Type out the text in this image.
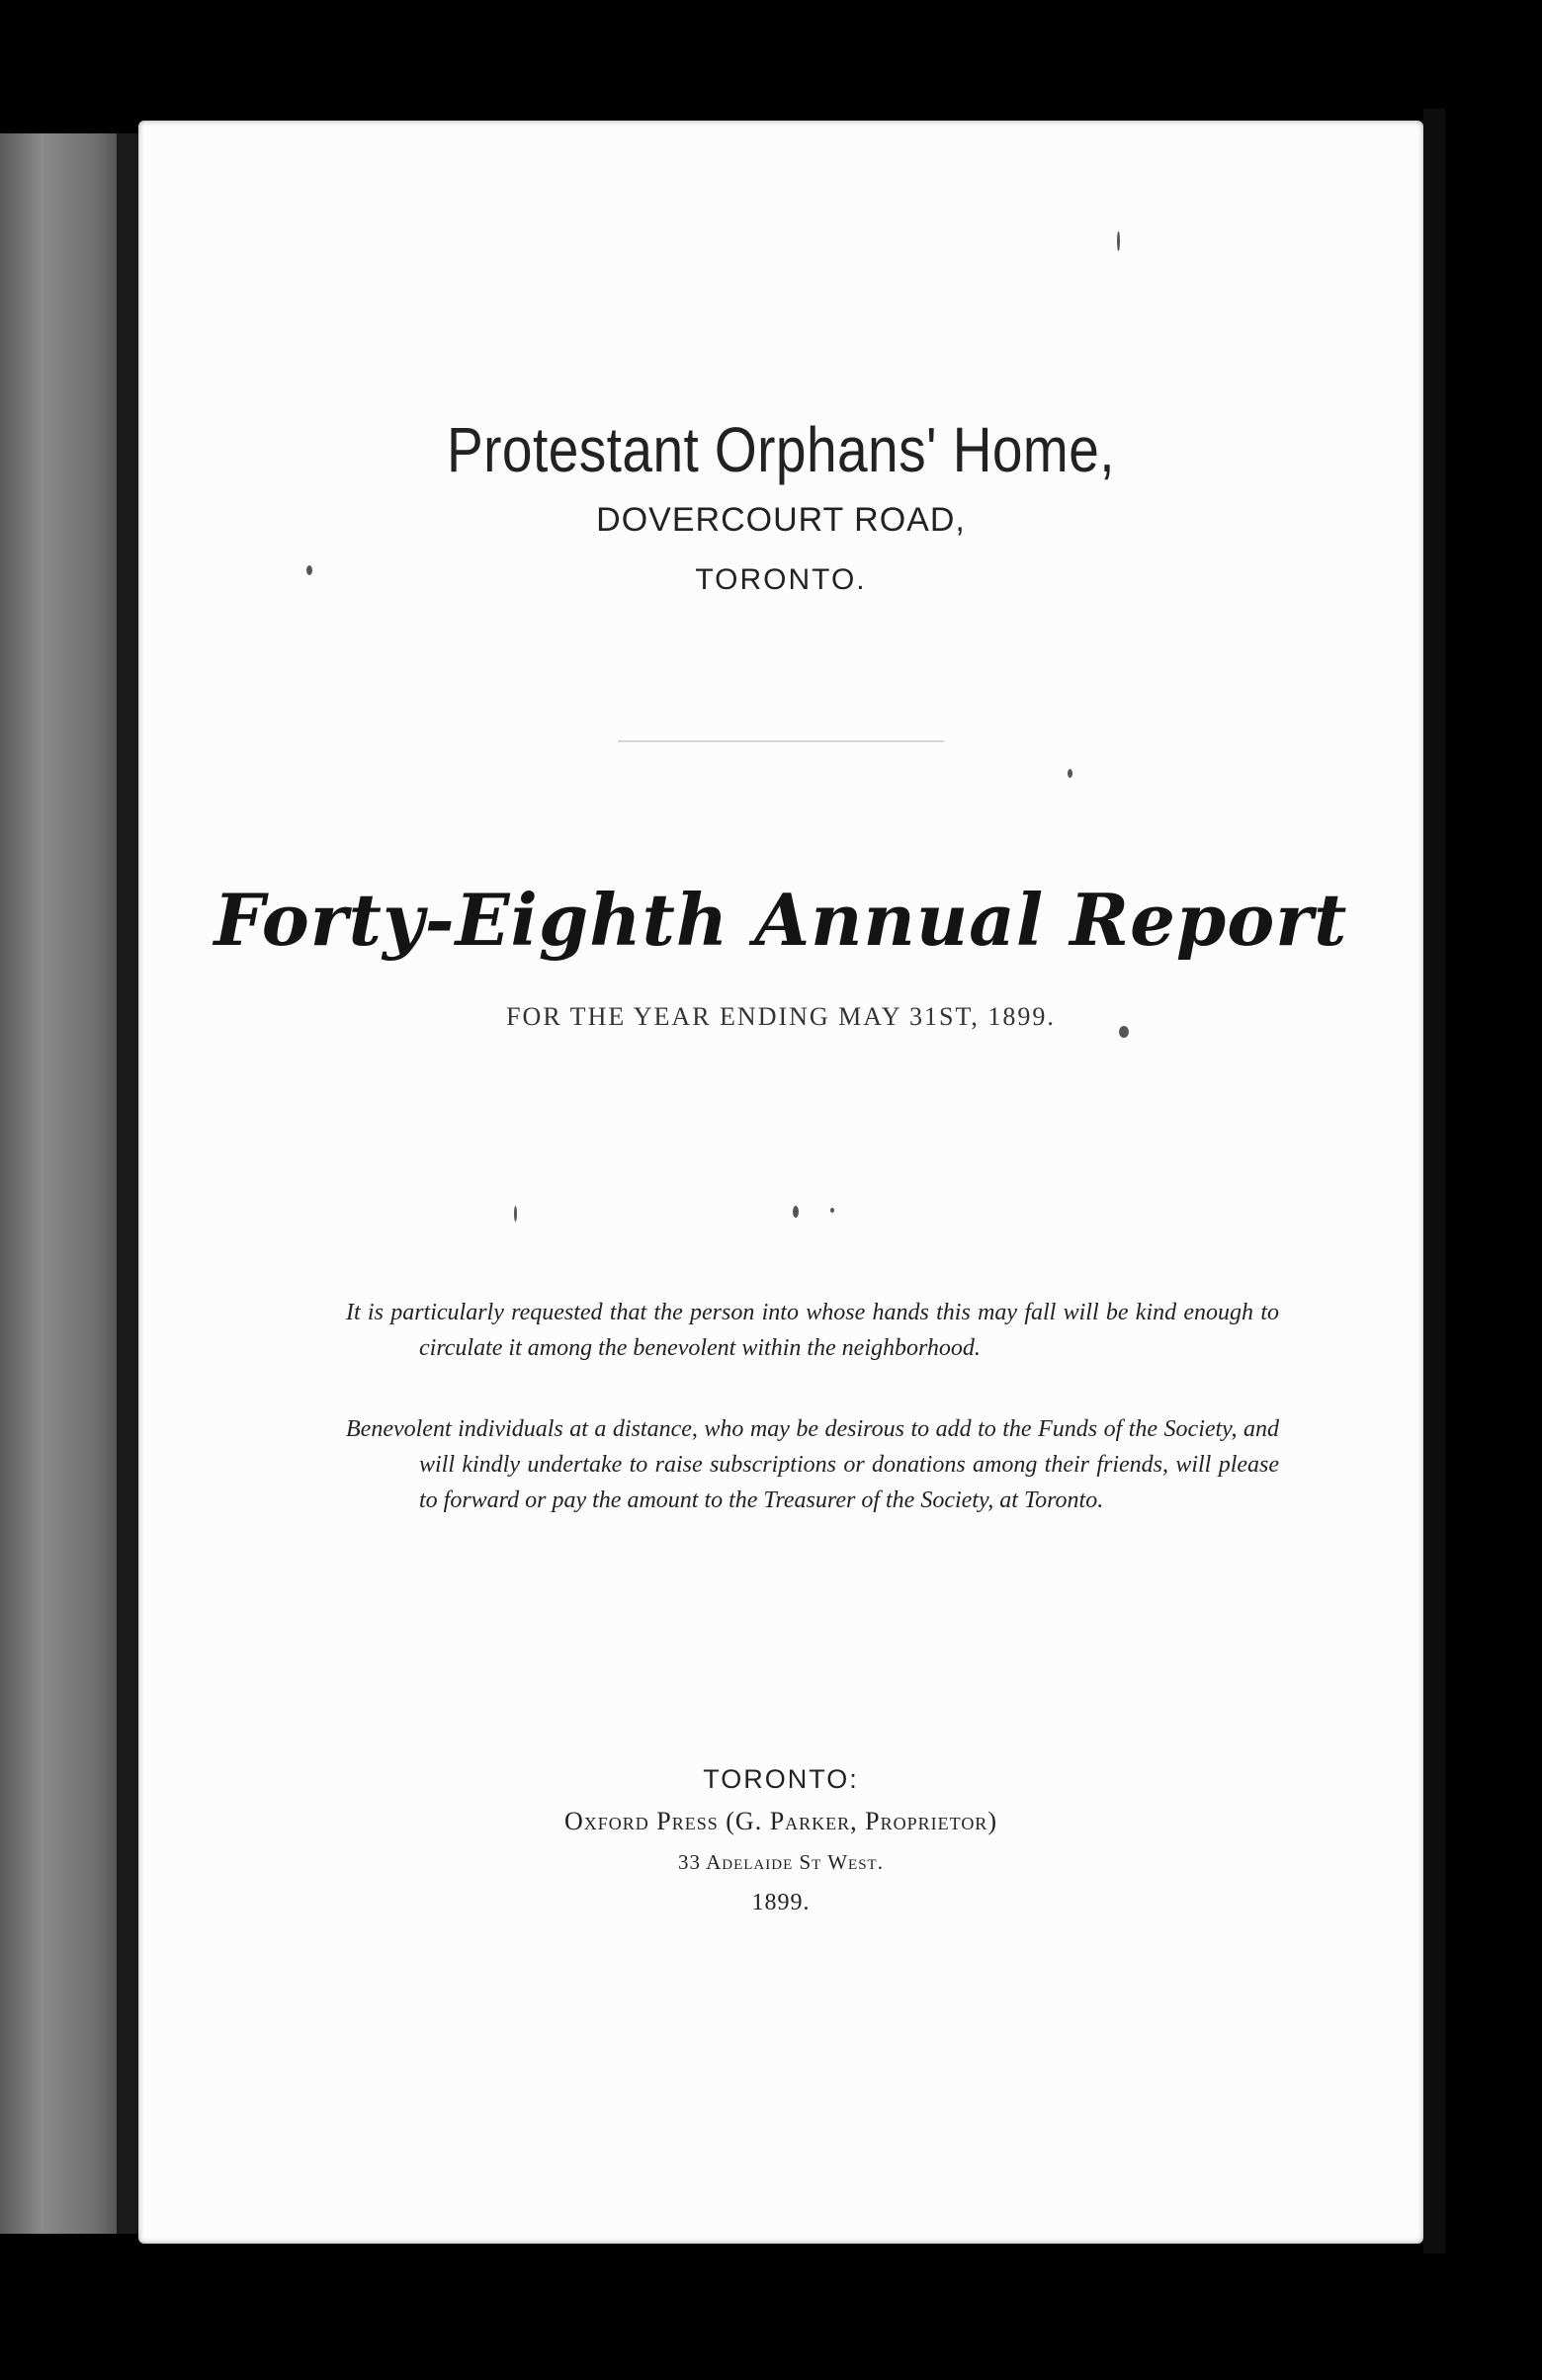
Protestant Orphans' Home,
DOVERCOURT ROAD,
TORONTO.
Forty-Eighth Annual Report
FOR THE YEAR ENDING MAY 31ST, 1899.
It is particularly requested that the person into whose hands this may fall will be kind enough to circulate it among the benevolent within the neighborhood.
Benevolent individuals at a distance, who may be desirous to add to the Funds of the Society, and will kindly undertake to raise subscriptions or donations among their friends, will please to forward or pay the amount to the Treasurer of the Society, at Toronto.
TORONTO:
Oxford Press (G. Parker, Proprietor)
33 Adelaide St West.
1899.
